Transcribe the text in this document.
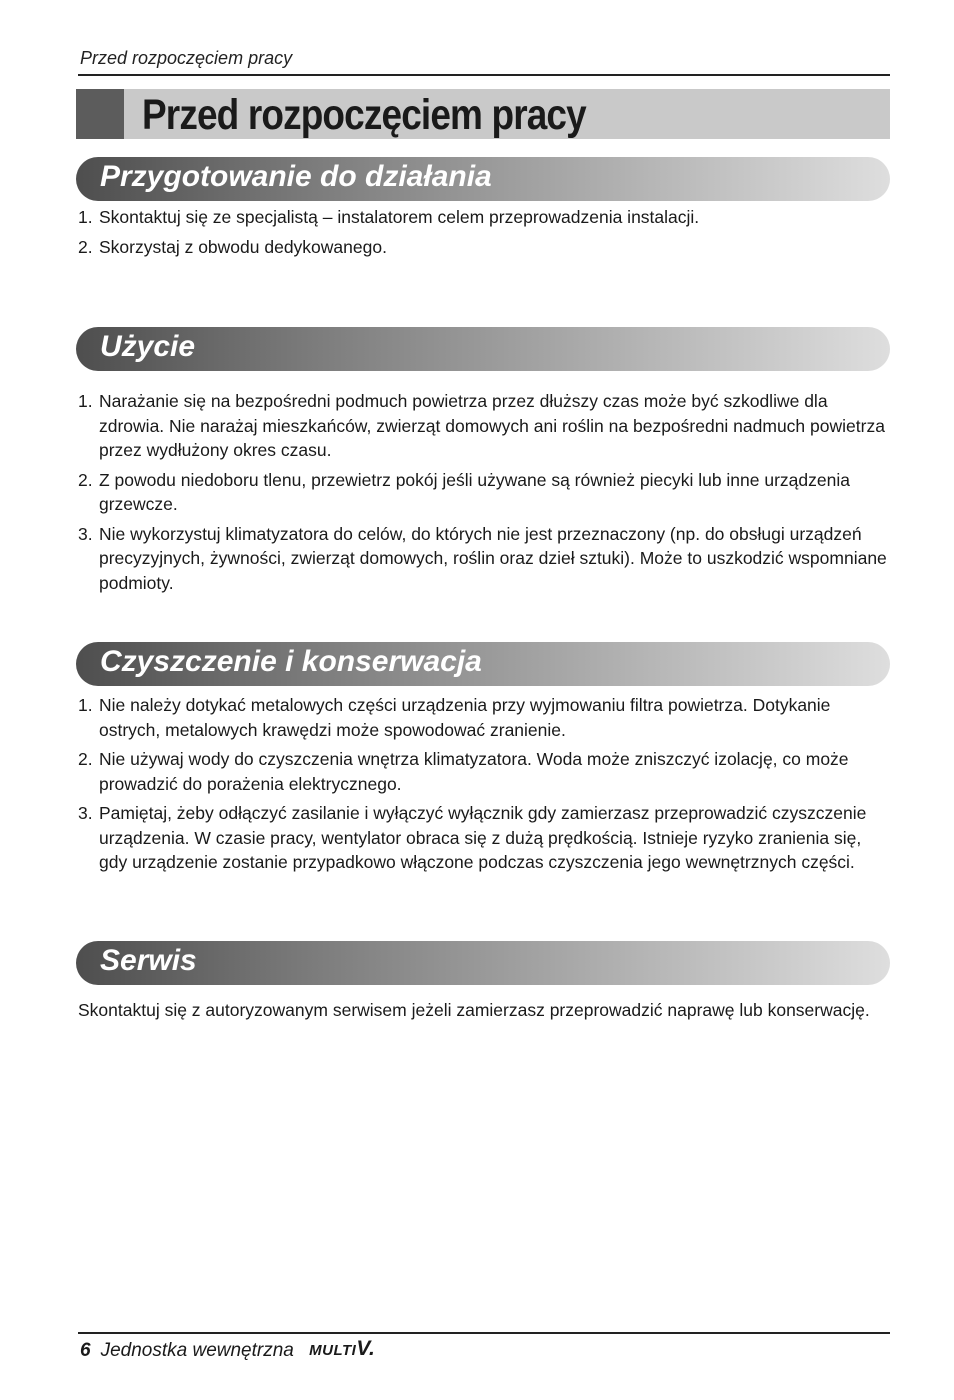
Przed rozpoczęciem pracy
Przed rozpoczęciem pracy
Przygotowanie do działania
1. Skontaktuj się ze specjalistą – instalatorem celem przeprowadzenia instalacji.
2. Skorzystaj z obwodu dedykowanego.
Użycie
1. Narażanie się na bezpośredni podmuch powietrza przez dłuższy czas może być szkodliwe dla zdrowia. Nie narażaj mieszkańców, zwierząt domowych ani roślin na bezpośredni nadmuch powietrza przez wydłużony okres czasu.
2. Z powodu niedoboru tlenu, przewietrz pokój jeśli używane są również piecyki lub inne urządzenia grzewcze.
3. Nie wykorzystuj klimatyzatora do celów, do których nie jest przeznaczony (np. do obsługi urządzeń precyzyjnych, żywności, zwierząt domowych, roślin oraz dzieł sztuki). Może to uszkodzić wspomniane podmioty.
Czyszczenie i konserwacja
1. Nie należy dotykać metalowych części urządzenia przy wyjmowaniu filtra powietrza. Dotykanie ostrych, metalowych krawędzi może spowodować zranienie.
2. Nie używaj wody do czyszczenia wnętrza klimatyzatora. Woda może zniszczyć izolację, co może prowadzić do porażenia elektrycznego.
3. Pamiętaj, żeby odłączyć zasilanie i wyłączyć wyłącznik gdy zamierzasz przeprowadzić czyszczenie urządzenia. W czasie pracy, wentylator obraca się z dużą prędkością. Istnieje ryzyko zranienia się, gdy urządzenie zostanie przypadkowo włączone podczas czyszczenia jego wewnętrznych części.
Serwis

Skontaktuj się z autoryzowanym serwisem jeżeli zamierzasz przeprowadzić naprawę lub konserwację.

6 Jednostka wewnętrzna MULTIV.
